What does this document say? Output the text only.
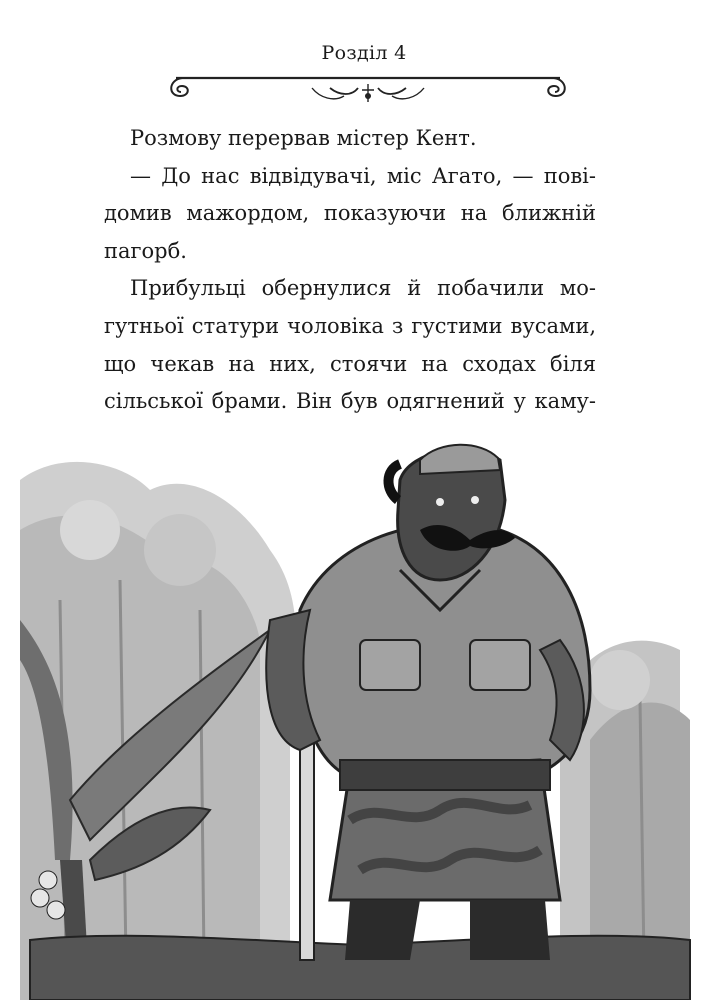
Розділ 4
Розмову перервав містер Кент.
— До нас відвідувачі, міс Агато, — пові-
домив мажордом, показуючи на ближній
пагорб.
Прибульці обернулися й побачили мо-
гутньої статури чоловіка з густими вусами,
що чекав на них, стоячи на сходах біля
сільської брами. Він був одягнений у каму-
